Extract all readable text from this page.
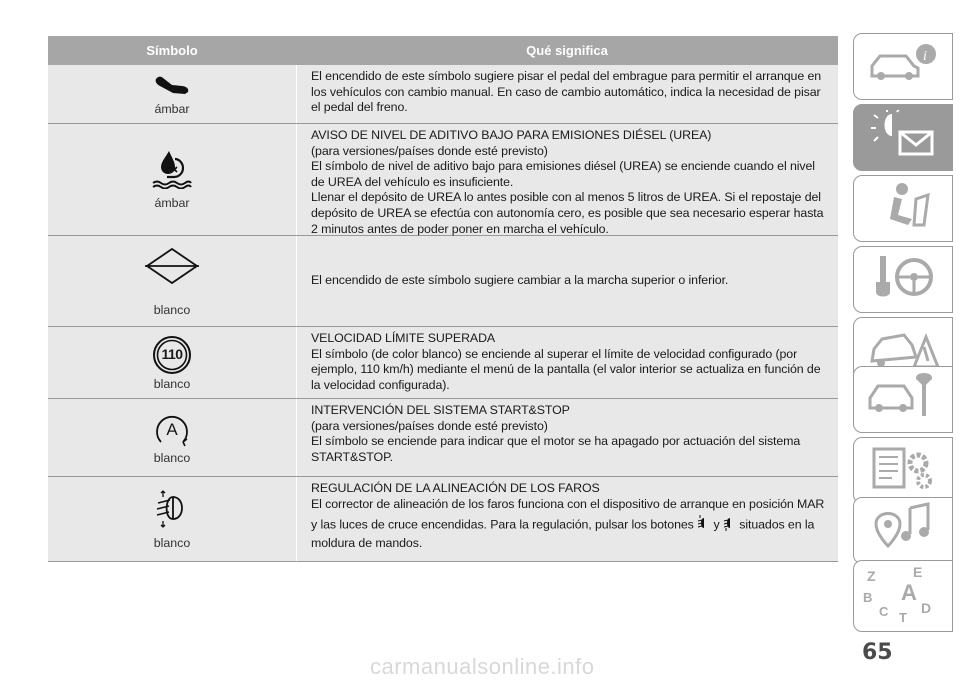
Símbolo	Qué significa
ámbar

El encendido de este símbolo sugiere pisar el pedal del embrague para permitir el arranque en los vehículos con cambio manual. En caso de cambio automático, indica la necesidad de pisar el pedal del freno.

ámbar

AVISO DE NIVEL DE ADITIVO BAJO PARA EMISIONES DIÉSEL (UREA)

(para versiones/países donde esté previsto)

El símbolo de nivel de aditivo bajo para emisiones diésel (UREA) se enciende cuando el nivel de UREA del vehículo es insuficiente.

Llenar el depósito de UREA lo antes posible con al menos 5 litros de UREA. Si el repostaje del depósito de UREA se efectúa con autonomía cero, es posible que sea necesario esperar hasta 2 minutos antes de poder poner en marcha el vehículo.

blanco

El encendido de este símbolo sugiere cambiar a la marcha superior o inferior.

110
blanco

VELOCIDAD LÍMITE SUPERADA

El símbolo (de color blanco) se enciende al superar el límite de velocidad configurado (por ejemplo, 110 km/h) mediante el menú de la pantalla (el valor interior se actualiza en función de la velocidad configurada).

A
blanco

INTERVENCIÓN DEL SISTEMA START&STOP

(para versiones/países donde esté previsto)

El símbolo se enciende para indicar que el motor se ha apagado por actuación del sistema START&STOP.

blanco

REGULACIÓN DE LA ALINEACIÓN DE LOS FAROS

El corrector de alineación de los faros funciona con el dispositivo de arranque en posición MAR

y las luces de cruce encendidas. Para la regulación, pulsar los botones y situados en la moldura de mandos.

i
Z	E
B A
C D
T
65
carmanualsonline.info
